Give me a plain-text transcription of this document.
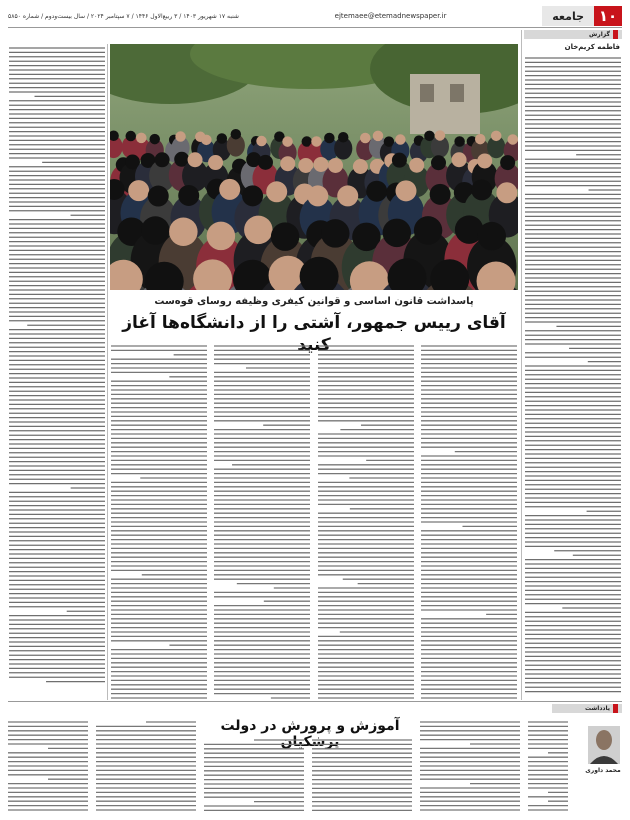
۱۰
جامعه
ejtemaee@etemadnewspaper.ir
شنبه ۱۷ شهریور ۱۴۰۳ / ۳ ربیع‌الاول ۱۴۴۶ / ۷ سپتامبر ۲۰۲۴ / سال بیست‌ودوم / شماره ۵۸۵۰
گزارش
فاطمه کریم‌خان
پاسداشت قانون اساسی و قوانین کیفری وظیفه روسای قوه‌ست
آقای رییس جمهور، آشتی را از دانشگاه‌ها آغاز کنید
یادداشت
محمد داوری
آموزش و پرورش در دولت پزشکیان
